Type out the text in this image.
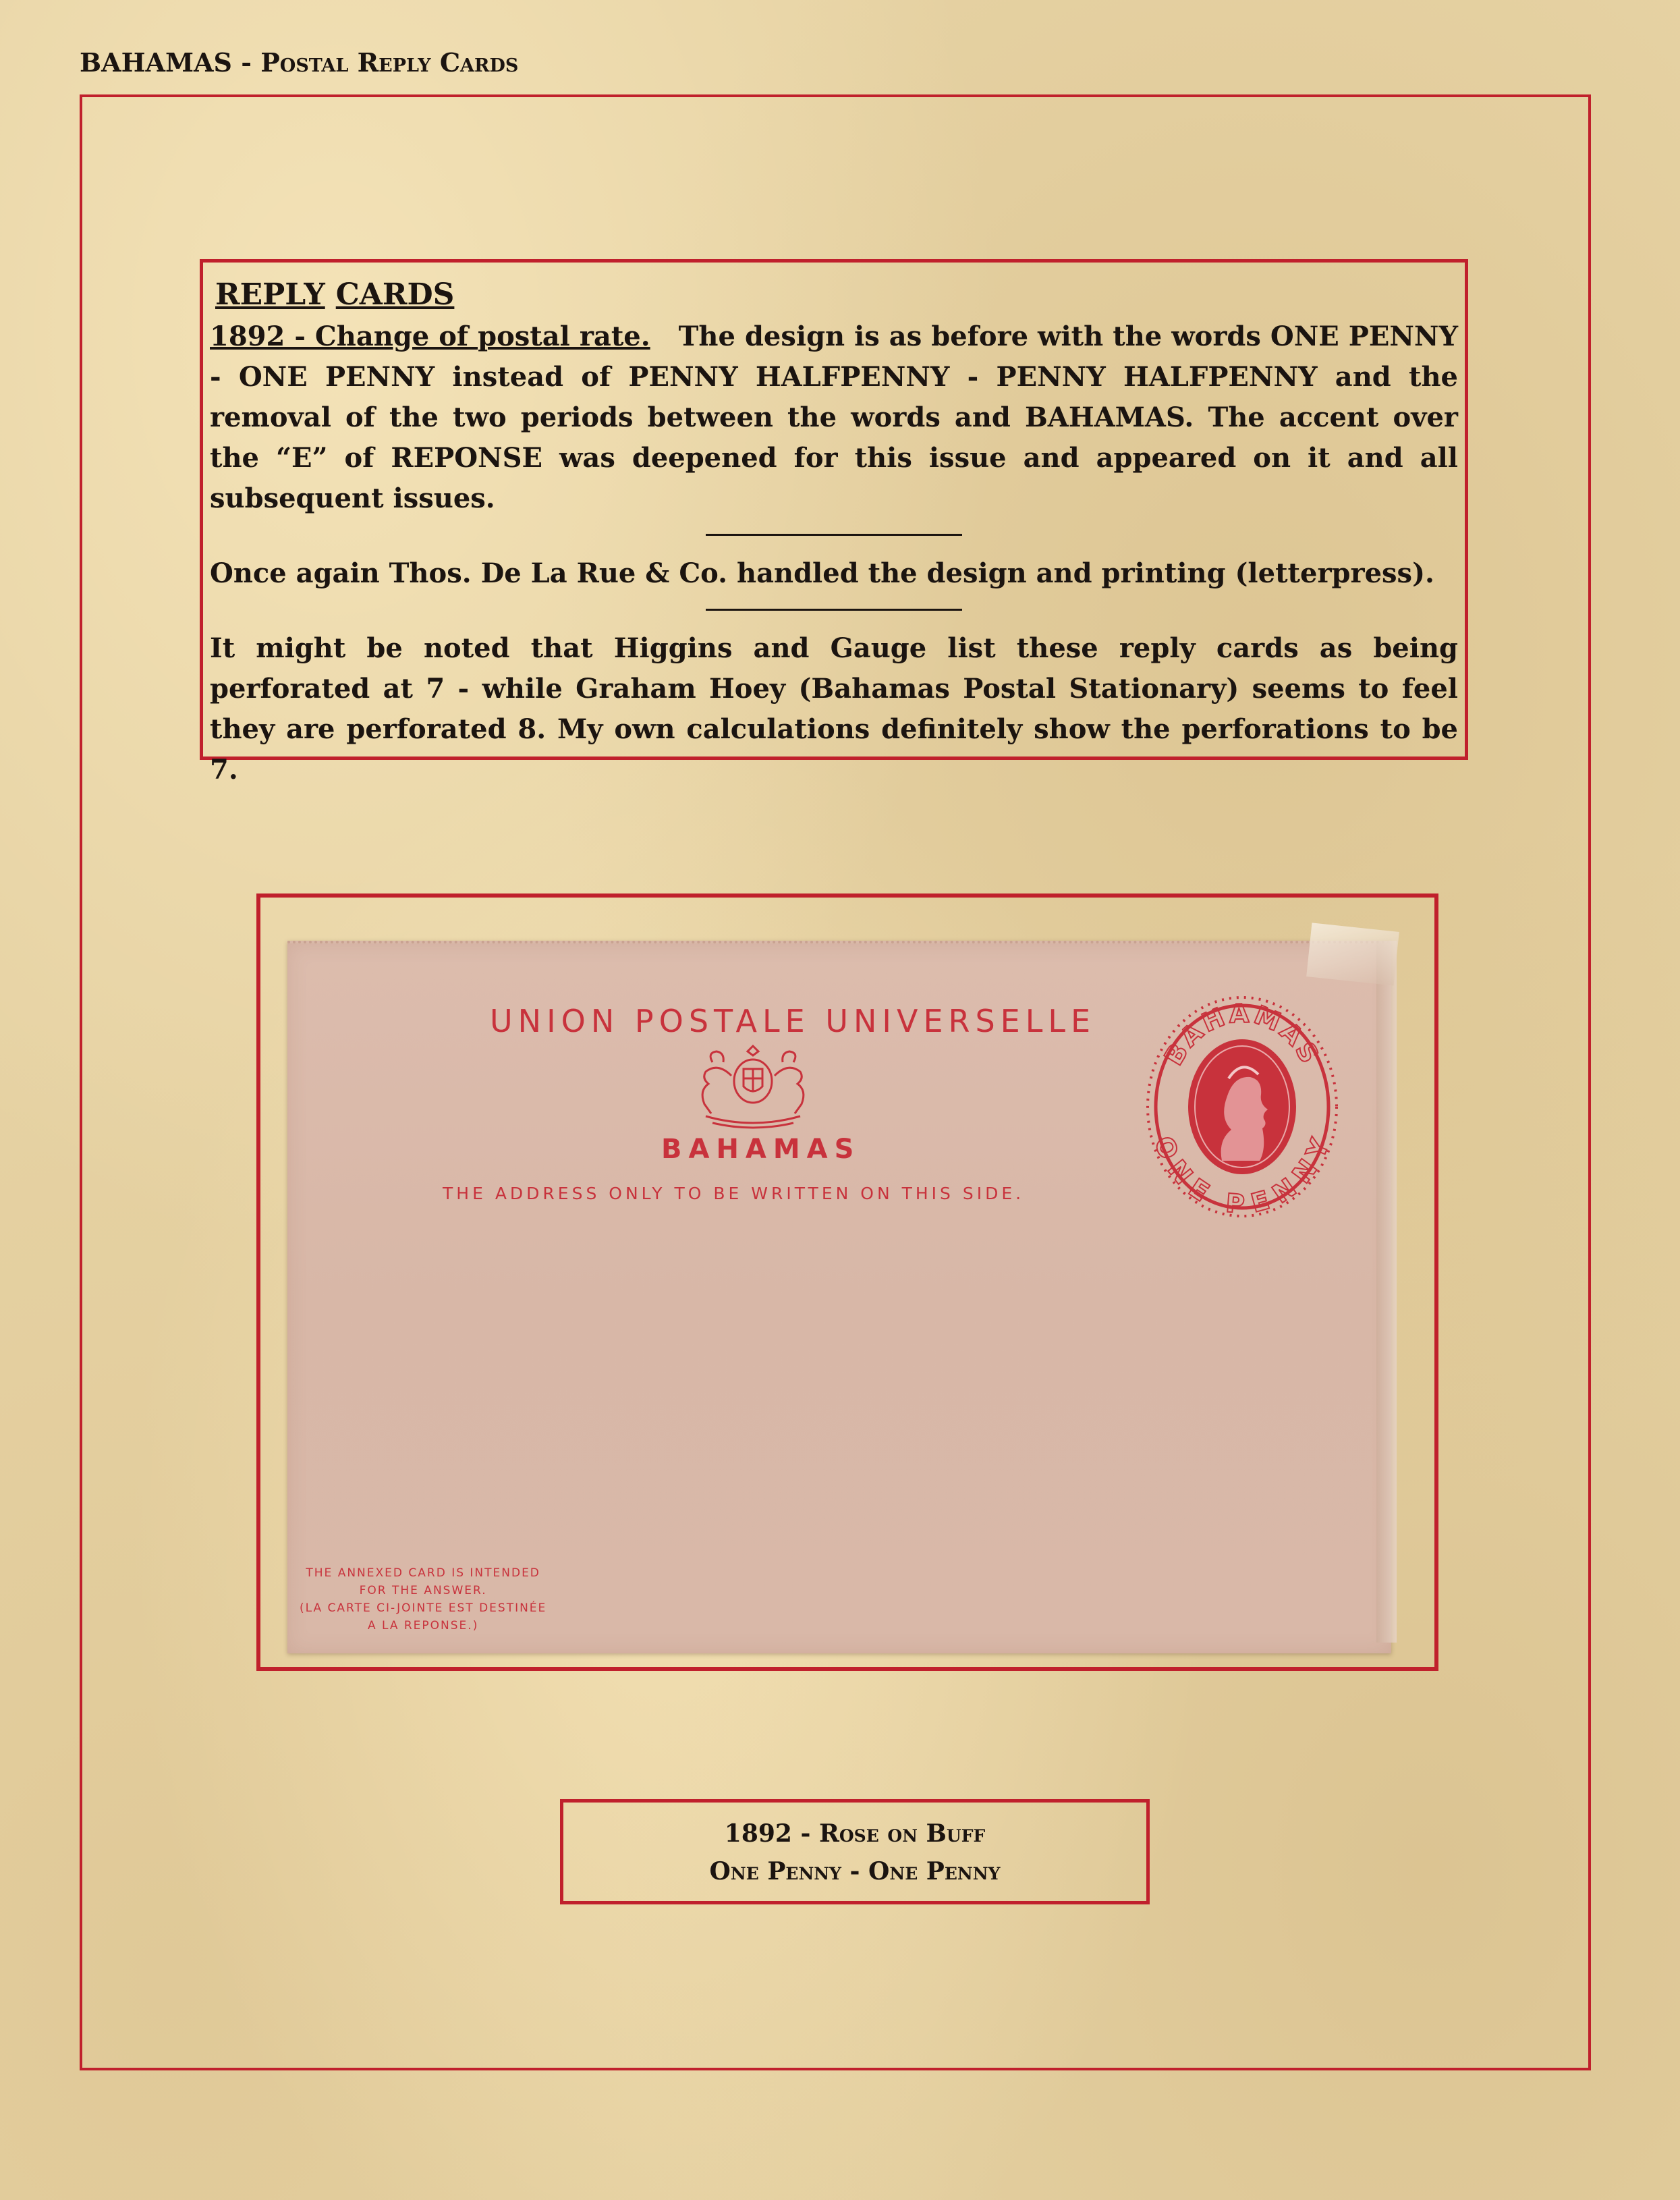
BAHAMAS - Postal Reply Cards

REPLY CARDS

1892 - Change of postal rate. The design is as before with the words ONE PENNY - ONE PENNY instead of PENNY HALFPENNY - PENNY HALFPENNY and the removal of the two periods between the words and BAHAMAS. The accent over the “E” of REPONSE was deepened for this issue and appeared on it and all subsequent issues.

Once again Thos. De La Rue & Co. handled the design and printing (letterpress).

It might be noted that Higgins and Gauge list these reply cards as being perforated at 7 - while Graham Hoey (Bahamas Postal Stationary) seems to feel they are perforated 8. My own calculations definitely show the perforations to be 7.

UNION POSTALE UNIVERSELLE
BAHAMAS
THE ADDRESS ONLY TO BE WRITTEN ON THIS SIDE.
BAHAMAS
ONE PENNY
THE ANNEXED CARD IS INTENDED
FOR THE ANSWER.
(LA CARTE CI-JOINTE EST DESTINÉE
A LA REPONSE.)
1892 - Rose on Buff
One Penny - One Penny
